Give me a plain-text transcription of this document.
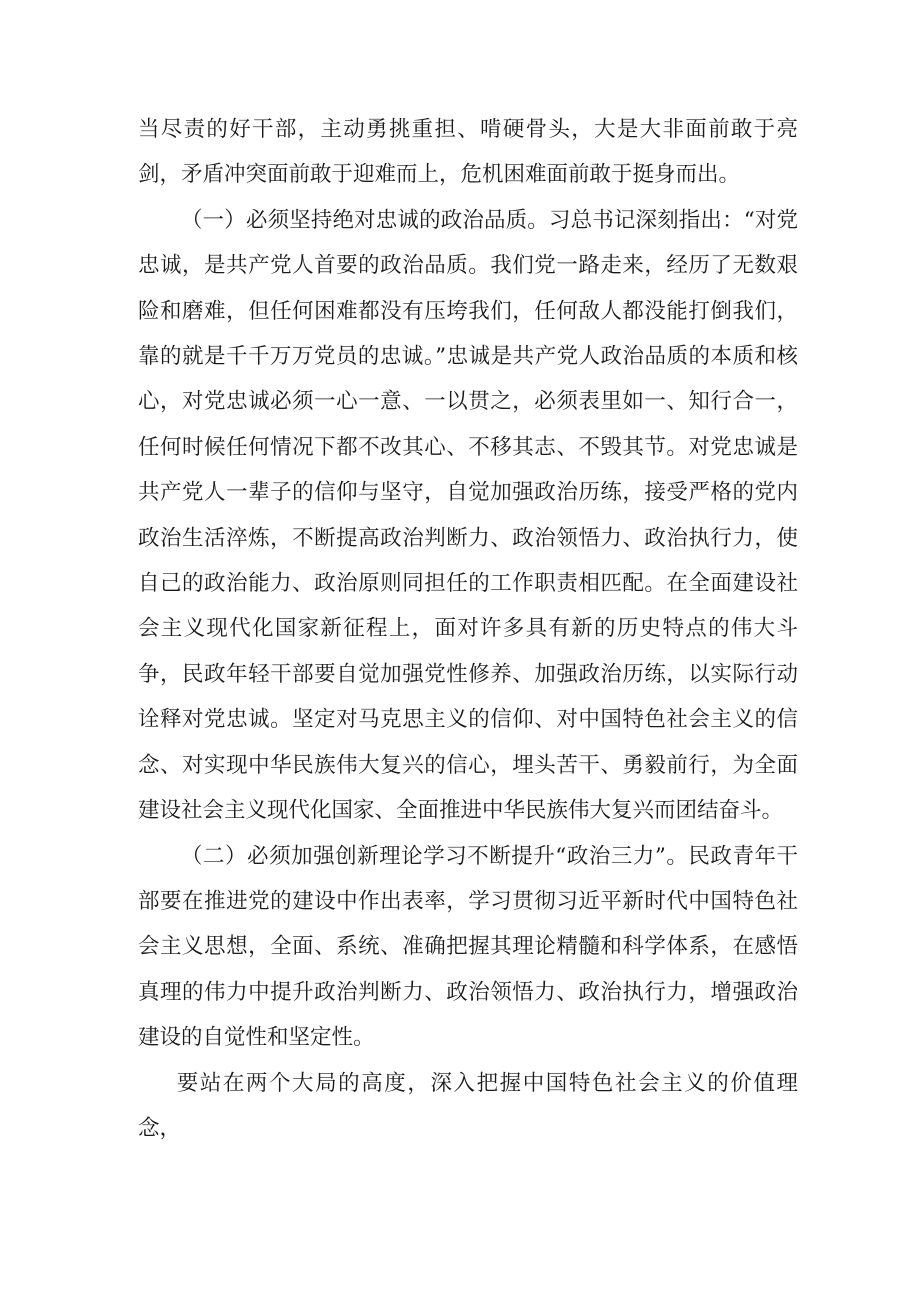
当尽责的好干部，主动勇挑重担、啃硬骨头，大是大非面前敢于亮剑，矛盾冲突面前敢于迎难而上，危机困难面前敢于挺身而出。

（一）必须坚持绝对忠诚的政治品质。习总书记深刻指出：“对党忠诚，是共产党人首要的政治品质。我们党一路走来，经历了无数艰险和磨难，但任何困难都没有压垮我们，任何敌人都没能打倒我们，靠的就是千千万万党员的忠诚。”忠诚是共产党人政治品质的本质和核心，对党忠诚必须一心一意、一以贯之，必须表里如一、知行合一，任何时候任何情况下都不改其心、不移其志、不毁其节。对党忠诚是共产党人一辈子的信仰与坚守，自觉加强政治历练，接受严格的党内政治生活淬炼，不断提高政治判断力、政治领悟力、政治执行力，使自己的政治能力、政治原则同担任的工作职责相匹配。在全面建设社会主义现代化国家新征程上，面对许多具有新的历史特点的伟大斗争，民政年轻干部要自觉加强党性修养、加强政治历练，以实际行动诠释对党忠诚。坚定对马克思主义的信仰、对中国特色社会主义的信念、对实现中华民族伟大复兴的信心，埋头苦干、勇毅前行，为全面建设社会主义现代化国家、全面推进中华民族伟大复兴而团结奋斗。

（二）必须加强创新理论学习不断提升“政治三力”。民政青年干部要在推进党的建设中作出表率，学习贯彻习近平新时代中国特色社会主义思想，全面、系统、准确把握其理论精髓和科学体系，在感悟真理的伟力中提升政治判断力、政治领悟力、政治执行力，增强政治建设的自觉性和坚定性。

要站在两个大局的高度，深入把握中国特色社会主义的价值理念，
